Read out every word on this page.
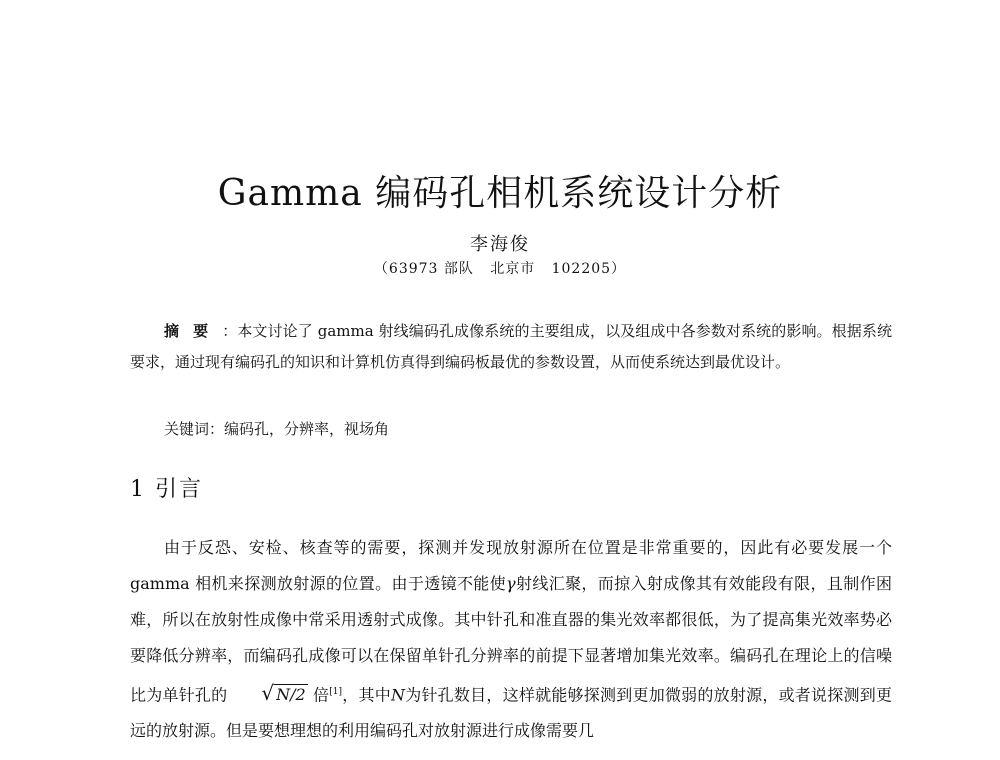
Gamma 编码孔相机系统设计分析
李海俊
（63973 部队   北京市   102205）

摘要：本文讨论了 gamma 射线编码孔成像系统的主要组成，以及组成中各参数对系统的影响。根据系统要求，通过现有编码孔的知识和计算机仿真得到编码板最优的参数设置，从而使系统达到最优设计。

关键词：编码孔，分辨率，视场角

1 引言

由于反恐、安检、核查等的需要，探测并发现放射源所在位置是非常重要的，因此有必要发展一个 gamma 相机来探测放射源的位置。由于透镜不能使γ射线汇聚，而掠入射成像其有效能段有限，且制作困难，所以在放射性成像中常采用透射式成像。其中针孔和准直器的集光效率都很低，为了提高集光效率势必要降低分辨率，而编码孔成像可以在保留单针孔分辨率的前提下显著增加集光效率。编码孔在理论上的信噪比为单针孔的 √ N/2 倍[1]，其中N为针孔数目，这样就能够探测到更加微弱的放射源，或者说探测到更远的放射源。但是要想理想的利用编码孔对放射源进行成像需要几
